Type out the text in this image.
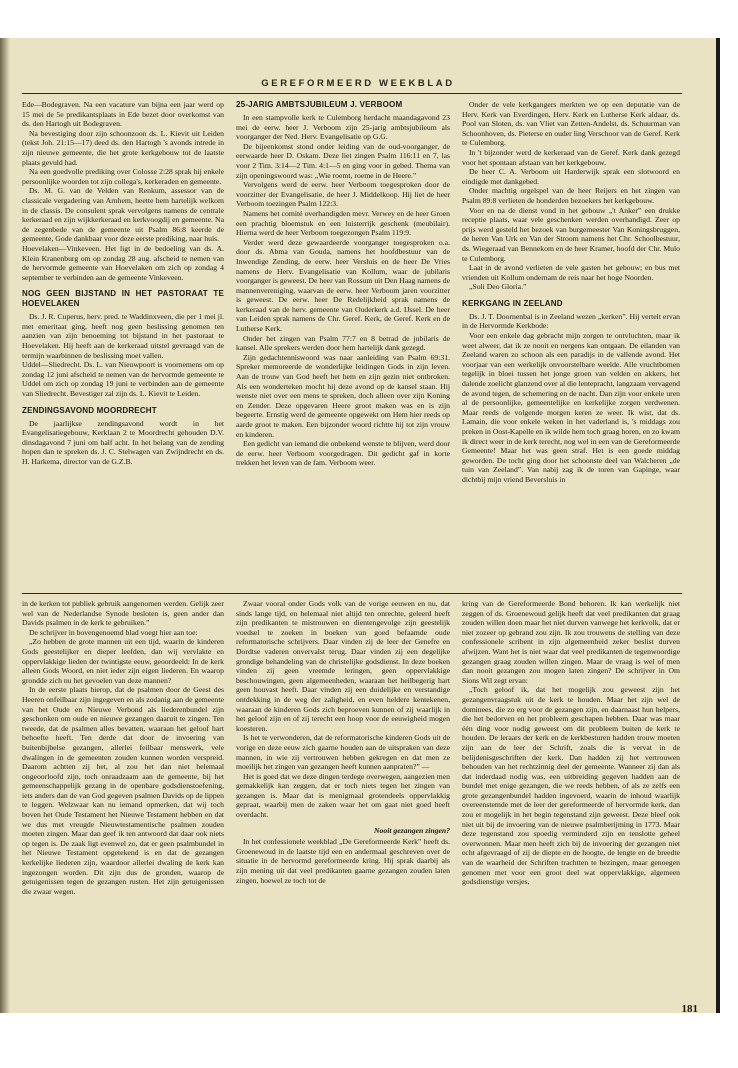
GEREFORMEERD WEEKBLAD

Ede—Bodegraven. Na een vacature van bijna een jaar werd op 15 mei de 5e predikantsplaats in Ede bezet door overkomst van ds. den Hartogh uit Bodegraven.

Na bevestiging door zijn schoonzoon ds. L. Kievit uit Leiden (tekst Joh. 21:15—17) deed ds. den Hartogh 's avonds intrede in zijn nieuwe gemeente, die het grote kerkgebouw tot de laatste plaats gevuld had.

Na een goedvolle prediking over Colosse 2:28 sprak hij enkele persoonlijke woorden tot zijn collega's, kerkeraden en gemeente.

Ds. M. G. van de Velden van Renkum, assessor van de classicale vergadering van Arnhem, heette hem hartelijk welkom in de classis. De consulent sprak vervolgens namens de centrale kerkeraad en zijn wijkkerkeraad en kerkvoogdij en gemeente. Na de zegenbede van de gemeente uit Psalm 86:8 keerde de gemeente, Gode dankbaar voor deze eerste prediking, naar huis.

Hoevelaken—Vinkeveen. Het ligt in de bedoeling van ds. A. Klein Kranenburg om op zondag 28 aug. afscheid te nemen van de hervormde gemeente van Hoevelaken om zich op zondag 4 september te verbinden aan de gemeente Vinkeveen.

NOG GEEN BIJSTAND IN HET PASTORAAT TE HOEVELAKEN

Ds. J. R. Cuperus, herv. pred. te Waddinxveen, die per 1 mei jl. met emeritaat ging, heeft nog geen beslissing genomen ten aanzien van zijn benoeming tot bijstand in het pastoraat te Hoevelaken. Hij heeft aan de kerkeraad uitstel gevraagd van de termijn waarbinnen de beslissing moet vallen.

Uddel—Sliedrecht. Ds. L. van Nieuwpoort is voornemens om op zondag 12 juni afscheid te nemen van de hervormde gemeente te Uddel om zich op zondag 19 juni te verbinden aan de gemeente van Sliedrecht. Bevestiger zal zijn ds. L. Kievit te Leiden.

ZENDINGSAVOND MOORDRECHT

De jaarlijkse zendingsavond wordt in het Evangelisatiegebouw, Kerklaan 2 te Moordrecht gehouden D.V. dinsdagavond 7 juni om half acht. In het belang van de zending hopen dan te spreken ds. J. C. Stelwagen van Zwijndrecht en ds. H. Harkema, director van de G.Z.B.

25-JARIG AMBTSJUBILEUM J. VERBOOM

In een stampvolle kerk te Culemborg herdacht maandagavond 23 mei de eerw. heer J. Verboom zijn 25-jarig ambtsjubileum als voorganger der Ned. Herv. Evangelisatie op G.G.

De bijeenkomst stond onder leiding van de oud-voorganger, de eerwaarde heer D. Oskam. Deze liet zingen Psalm 116:11 en 7, las voor 2 Tim. 3:14—2 Tim. 4:1—5 en ging voor in gebed. Thema van zijn openingswoord was: „Wie roemt, roeme in de Heere.”

Vervolgens werd de eerw. heer Verboom toegesproken door de voorzitter der Evangelisatie, de heer J. Middelkoop. Hij liet de heer Verboom toezingen Psalm 122:3.

Namens het comité overhandigden mevr. Verwey en de heer Groen een prachtig bloemstuk en een luisterrijk geschenk (meubilair). Hierna werd de heer Verboom toegezongen Psalm 119:9.

Verder werd deze gewaardeerde voorganger toegesproken o.a. door ds. Abma van Gouda, namens het hoofdbestuur van de Inwendige Zending, de eerw. heer Versluis en de heer De Vries namens de Herv. Evangelisatie van Kollum, waar de jubilaris voorganger is geweest. De heer van Rossum uit Den Haag namens de mannenvereniging, waarvan de eerw. heer Verboom jaren voorzitter is geweest. De eerw. heer De Redelijkheid sprak namens de kerkeraad van de herv. gemeente van Ouderkerk a.d. IJssel. De heer van Leiden sprak namens de Chr. Geref. Kerk, de Geref. Kerk en de Lutherse Kerk.

Onder het zingen van Psalm 77:7 en 8 betrad de jubilaris de kansel. Alle sprekers werden door hem hartelijk dank gezegd.

Zijn gedachtenniswoord was naar aanleiding van Psalm 69:31. Spreker memoreerde de wonderlijke leidingen Gods in zijn leven. Aan de trouw van God heeft het hem en zijn gezin niet ontbroken. Als een wonderteken mocht hij deze avond op de kansel staan. Hij wenste niet over een mens te spreken, doch alleen over zijn Koning en Zender. Deze opgevaren Heere groot maken was en is zijn begeerte. Ernstig werd de gemeente opgewekt om Hem hier reeds op aarde groot te maken. Een bijzonder woord richtte hij tot zijn vrouw en kinderen.

Een gedicht van iemand die onbekend wenste te blijven, werd door de eerw. heer Verboom voorgedragen. Dit gedicht gaf in korte trekken het leven van de fam. Verboom weer.

Onder de vele kerkgangers merkten we op een deputatie van de Herv. Kerk van Everdingen, Herv. Kerk en Lutherse Kerk aldaar, ds. Pool van Sloten, ds. van Vliet van Zetten-Andelst, ds. Schuurman van Schoonhoven, ds. Pieterse en ouder ling Verschoor van de Geref. Kerk te Culemborg.

In 't bijzonder werd de kerkeraad van de Geref. Kerk dank gezegd voor het spontaan afstaan van het kerkgebouw.

De heer C. A. Verboom uit Harderwijk sprak een slotwoord en eindigde met dankgebed.

Onder machtig orgelspel van de heer Reijers en het zingen van Psalm 89:8 verlieten de honderden bezoekers het kerkgebouw.

Voor en na de dienst vond in het gebouw „'t Anker” een drukke receptie plaats, waar vele geschenken werden overhandigd. Zeer op prijs werd gesteld het bezoek van burgemeester Van Koningsbruggen, de heren Van Urk en Van der Stroom namens het Chr. Schoolbestuur, ds. Wiegeraad van Bennekom en de heer Kramer, hoofd der Chr. Mulo te Culemborg.

Laat in de avond verlieten de vele gasten het gebouw; en bus met vrienden uit Kollum ondernam de reis naar het hoge Noorden.

„Soli Deo Gloria.”

KERKGANG IN ZEELAND

Ds. J. T. Doornenbal is in Zeeland wezen „kerken”. Hij vertelt ervan in de Hervormde Kerkbode:

Voor een enkele dag gebracht mijn zorgen te ontvluchten, maar ik weet alweer, dat ik ze nooit en nergens kan ontgaan. De eilanden van Zeeland waren zo schoon als een paradijs in de vallende avond. Het voorjaar van een werkelijk onvoorstelbare weelde. Alle vruchtbomen tegelijk in bloei tussen het jonge groen van velden en akkers, het dalende zoelicht glanzend over al die lentepracht, langzaam vervagend de avond tegen, de schemering en de nacht. Dan zijn voor enkele uren al de persoonlijke, gemeentelijke en kerkelijke zorgen verdwenen. Maar reeds de volgende morgen keren ze weer. Ik wist, dat ds. Lamain, die voor enkele weken in het vaderland is, 's middags zou preken in Oost-Kapelle en ik wilde hem toch graag horen, en zo kwam ik direct weer in de kerk terecht, nog wel in een van de Gereformeerde Gemeente! Maar het was geen straf. Het is een goede middag geworden. De tocht ging door het schoonste deel van Walcheren „de tuin van Zeeland”. Van nabij zag ik de toren van Gapinge, waar dichtbij mijn vriend Beversluis in

in de kerken tot publiek gebruik aangenomen werden. Gelijk zeer wel van de Nederlandse Synode besloten is, geen ander dan Davids psalmen in de kerk te gebruiken.”

De schrijver in bovengenoemd blad voegt hier aan toe:

„Zo hebben de grote mannen uit een tijd, waarin de kinderen Gods geestelijker en dieper leefden, dan wij vervlakte en oppervlakkige lieden der twintigste eeuw, geoordeeld: In de kerk alleen Gods Woord, en niet ieder zijn eigen liederen. En waarop grondde zich nu het gevoelen van deze mannen?

In de eerste plaats hierop, dat de psalmen door de Geest des Heeren onfeilbaar zijn ingegeven en als zodanig aan de gemeente van het Oude en Nieuwe Verbond als liederenbundel zijn geschonken om oude en nieuwe gezangen daaruit te zingen. Ten tweede, dat de psalmen alles bevatten, waaraan het geloof hart behoefte heeft. Ten derde dat door de invoering van buitenbijbelse gezangen, allerlei feilbaar menswerk, vele dwalingen in de gemeenten zouden kunnen worden verspreid. Daarom achtten zij het, al zou het dan niet helemaal ongeoorloofd zijn, toch onraadzaam aan de gemeente, bij het gemeenschappelijk gezang in de openbare godsdienstoefening, iets anders dan de van God gegeven psalmen Davids op de lippen te leggen. Welzwaar kan nu iemand opmerken, dat wij toch boven het Oude Testament het Nieuwe Testament hebben en dat we dus met vreugde Nieuwtestamentische psalmen zouden moeten zingen. Maar dan geef ik ten antwoord dat daar ook niets op tegen is. De zaak ligt evenwel zo, dat er geen psalmbundel in het Nieuwe Testament opgetekend is en dat de gezangen kerkelijke liederen zijn, waardoor allerlei dwaling de kerk kan ingezongen worden. Dit zijn dus de gronden, waarop de getuigenissen tegen de gezangen rusten. Het zijn getuigenissen die zwaar wegen.

Zwaar vooral onder Gods volk van de vorige eeuwen en nu, dat sinds lange tijd, en helemaal niet altijd ten onrechte, geleerd heeft zijn predikanten te mistrouwen en dientengevolge zijn geestelijk voedsel te zoeken in boeken van goed befaamde oude reformatorische schrijvers. Daar vinden zij de leer der Genefre en Dordtse vaderen onvervalst terug. Daar vinden zij een degelijke grondige behandeling van de christelijke godsdienst. In deze boeken vinden zij geen vreemde leringen, geen oppervlakkige beschouwingen, geen algemeenheden, waaraan het heilbegerig hart geen houvast heeft. Daar vinden zij een duidelijke en verstandige ontdekking in de weg der zaligheid, en even heldere kentekenen, waaraan de kinderen Gods zich beproeven kunnen of zij waarlijk in het geloof zijn en of zij terecht een hoop voor de eeuwigheid mogen koesteren.

Is het te verwonderen, dat de reformatorische kinderen Gods uit de vorige en deze eeuw zich gaarne houden aan de uitspraken van deze mannen, in wie zij vertrouwen hebben gekregen en dat men ze moeilijk het zingen van gezangen heeft kunnen aanpraten?” —

Het is goed dat we deze dingen terdege overwegen, aangezien men gemakkelijk kan zeggen, dat er toch niets tegen het zingen van gezangen is. Maar dat is menigmaal grotendeels oppervlakkig gepraat, waarbij men de zaken waar het om gaat niet goed heeft overdacht.

Nooit gezangen zingen?

In het confessionele weekblad „De Gereformeerde Kerk” heeft ds. Groenewoud in de laatste tijd een en andermaal geschreven over de situatie in de hervormd gereformeerde kring. Hij sprak daarbij als zijn mening uit dat veel predikanten gaarne gezangen zouden laten zingen, hoewel ze toch tot de

kring van de Gereformeerde Bond behoren. Ik kan werkelijk niet zeggen of ds. Groenewoud gelijk heeft dat veel predikanten dat graag zouden willen doen maar het niet durven vanwege het kerkvolk, dat er niet zozeer op gebrand zou zijn. Ik zou trouwens de stelling van deze confessionele scribent in zijn algemeenheid zeker beslist durven afwijzen. Want het is niet waar dat veel predikanten de tegenwoordige gezangen graag zouden willen zingen. Maar de vraag is wel of men dan nooit gezangen zou mogen laten zingen? De schrijver in Om Sions Wil zegt ervan:

„Toch geloof ik, dat het mogelijk zou geweest zijn het gezangenvraagstuk uit de kerk te houden. Maar het zijn wel de dominees, die zo erg voor de gezangen zijn, en daarnaast hun helpers, die het bedorven en het probleem geschapen hebben. Daar was maar één ding voor nodig geweest om dit probleem buiten de kerk te houden. De leraars der kerk en de kerkbesturen hadden trouw moeten zijn aan de leer der Schrift, zoals die is vervat in de belijdenisgeschriften der kerk. Dan hadden zij het vertrouwen behouden van het rechtzinnig deel der gemeente. Wanneer zij dan als dat inderdaad nodig was, een uitbreiding gegeven hadden aan de bundel met enige gezangen, die we reeds hebben, of als ze zelfs een grote gezangenbundel hadden ingevoerd, waarin de inhoud waarlijk overeenstemde met de leer der gereformeerde of hervormde kerk, dan zou er mogelijk in het begin tegenstand zijn geweest. Deze bleef ook niet uit bij de invoering van de nieuwe psalmberijming in 1773. Maar deze tegenstand zou spoedig verminderd zijn en tenslotte geheel overwonnen. Maar men heeft zich bij de invoering der gezangen niet echt afgevraagd of zij de diepte en de hoogte, de lengte en de breedte van de waarheid der Schriften trachtten te bezingen, maar genoegen genomen met voor een groot deel wat oppervlakkige, algemeen godsdienstige versjes,

181
